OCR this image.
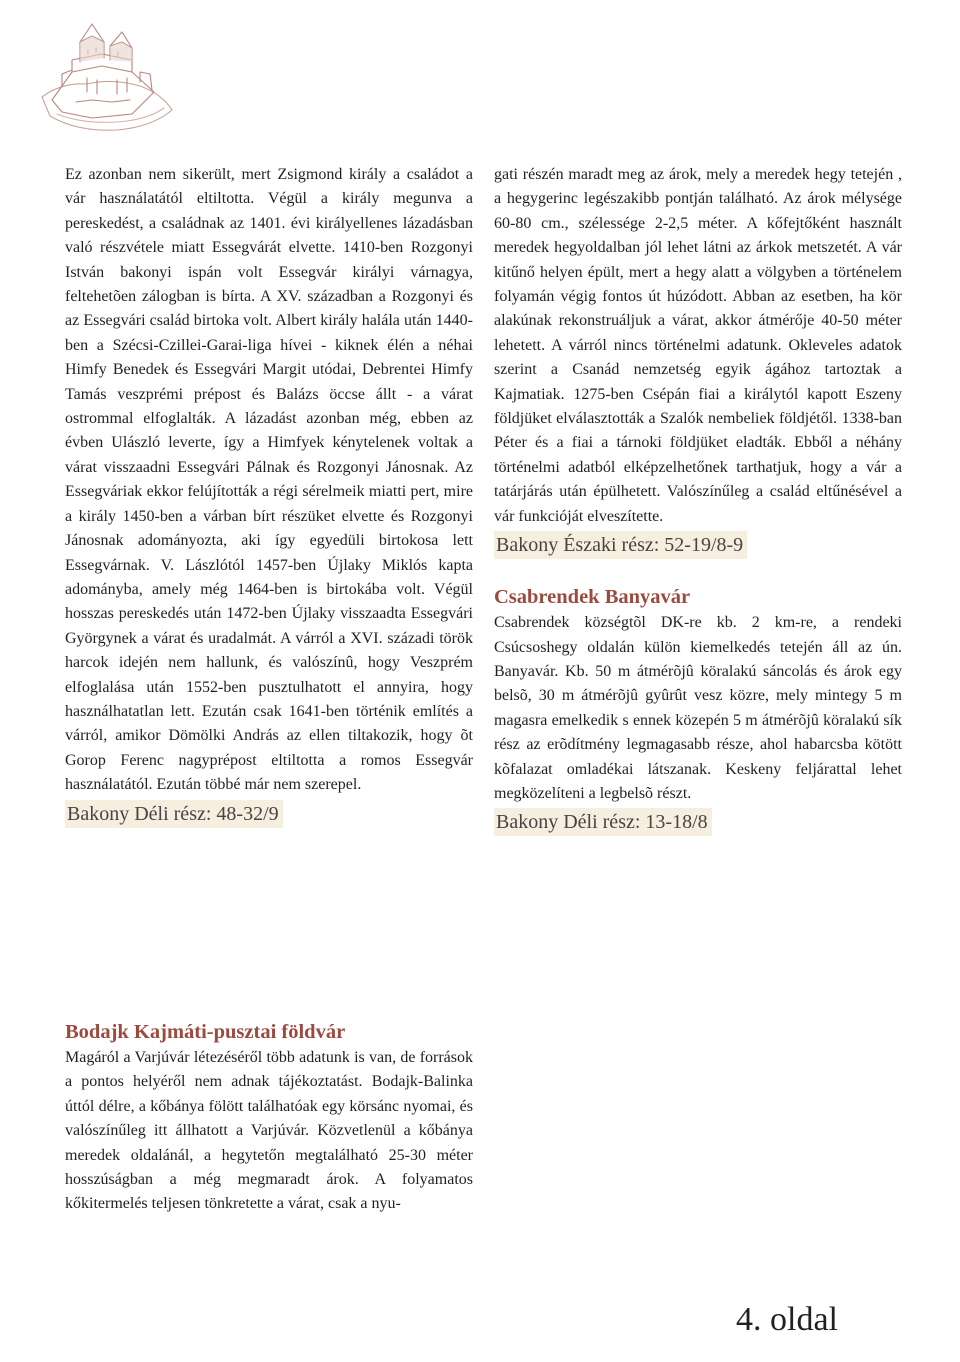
Ez azonban nem sikerült, mert Zsigmond király a családot a vár használatától eltiltotta. Végül a király megunva a pereskedést, a családnak az 1401. évi királyellenes lázadásban való részvétele miatt Essegvárát elvette. 1410-ben Rozgonyi István bakonyi ispán volt Essegvár királyi várnagya, feltehetõen zálogban is bírta. A XV. században a Rozgonyi és az Essegvári család birtoka volt. Albert király halála után 1440-ben a Szécsi-Czillei-Garai-liga hívei - kiknek élén a néhai Himfy Benedek és Essegvári Margit utódai, Debrentei Himfy Tamás veszprémi prépost és Balázs öccse állt - a várat ostrommal elfoglalták. A lázadást azonban még, ebben az évben Ulászló leverte, így a Himfyek kénytelenek voltak a várat visszaadni Essegvári Pálnak és Rozgonyi Jánosnak. Az Essegváriak ekkor felújították a régi sérelmeik miatti pert, mire a király 1450-ben a várban bírt részüket elvette és Rozgonyi Jánosnak adományozta, aki így egyedüli birtokosa lett Essegvárnak. V. Lászlótól 1457-ben Újlaky Miklós kapta adományba, amely még 1464-ben is birtokába volt. Végül hosszas pereskedés után 1472-ben Újlaky visszaadta Essegvári Györgynek a várat és uradalmát. A várról a XVI. századi török harcok idején nem hallunk, és valószínû, hogy Veszprém elfoglalása után 1552-ben pusztulhatott el annyira, hogy használhatatlan lett. Ezután csak 1641-ben történik említés a várról, amikor Dömölki András az ellen tiltakozik, hogy õt Gorop Ferenc nagyprépost eltiltotta a romos Essegvár használatától. Ezután többé már nem szerepel.

Bakony Déli rész: 48-32/9

gati részén maradt meg az árok, mely a meredek hegy tetején , a hegygerinc legészakibb pontján található. Az árok mélysége 60-80 cm., szélessége 2-2,5 méter. A kőfejtőként használt meredek hegyoldalban jól lehet látni az árkok metszetét. A vár kitűnő helyen épült, mert a hegy alatt a völgyben a történelem folyamán végig fontos út húzódott. Abban az esetben, ha kör alakúnak rekonstruáljuk a várat, akkor átmérője 40-50 méter lehetett. A várról nincs történelmi adatunk. Okleveles adatok szerint a Csanád nemzetség egyik ágához tartoztak a Kajmatiak. 1275-ben Csépán fiai a királytól kapott Eszeny földjüket elválasztották a Szalók nembeliek földjétől. 1338-ban Péter és a fiai a tárnoki földjüket eladták. Ebből a néhány történelmi adatból elképzelhetőnek tarthatjuk, hogy a vár a tatárjárás után épülhetett. Valószínűleg a család eltűnésével a vár funkcióját elveszítette.

Bakony Északi rész: 52-19/8-9
Csabrendek Banyavár

Csabrendek községtõl DK-re kb. 2 km-re, a rendeki Csúcsoshegy oldalán külön kiemelkedés tetején áll az ún. Banyavár. Kb. 50 m átmérõjû köralakú sáncolás és árok egy belsõ, 30 m átmérõjû gyûrût vesz közre, mely mintegy 5 m magasra emelkedik s ennek közepén 5 m átmérõjû köralakú sík rész az erõdítmény legmagasabb része, ahol habarcsba kötött kõfalazat omladékai látszanak. Keskeny feljárattal lehet megközelíteni a legbelsõ részt.

Bakony Déli rész: 13-18/8
Bodajk Kajmáti-pusztai földvár

Magáról a Varjúvár létezéséről több adatunk is van, de források a pontos helyéről nem adnak tájékoztatást. Bodajk-Balinka úttól délre, a kőbánya fölött találhatóak egy körsánc nyomai, és valószínűleg itt állhatott a Varjúvár. Közvetlenül a kőbánya meredek oldalánál, a hegytetőn megtalálható 25-30 méter hosszúságban a még megmaradt árok. A folyamatos kőkitermelés teljesen tönkretette a várat, csak a nyu-

4. oldal
